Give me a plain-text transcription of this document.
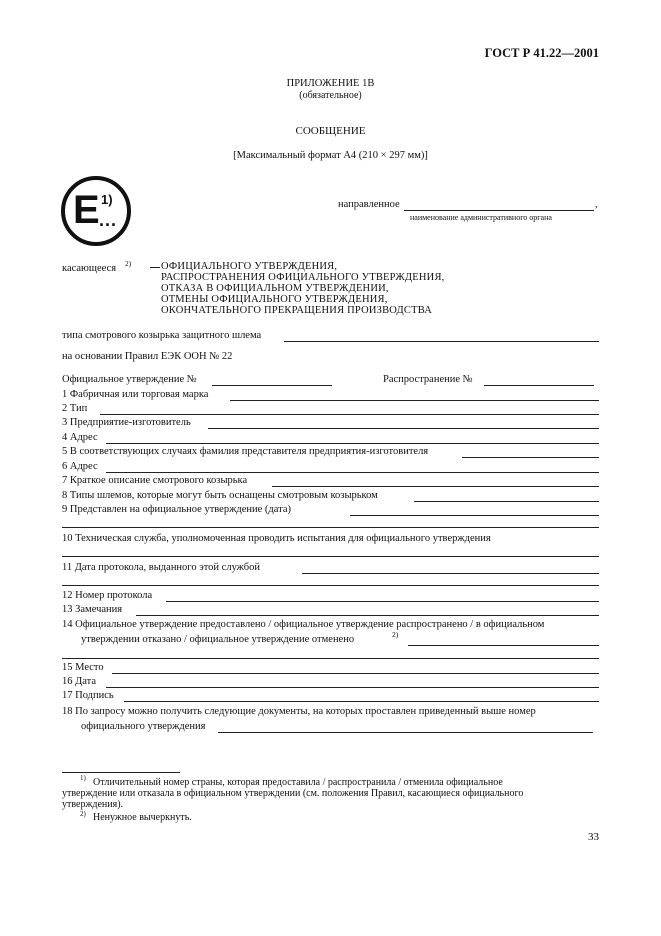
ГОСТ Р 41.22—2001
ПРИЛОЖЕНИЕ 1В
(обязательное)
СООБЩЕНИЕ
[Максимальный формат А4 (210 × 297 мм)]
E 1)
...
направленное	,
наименование административного органа
касающееся 2)	ОФИЦИАЛЬНОГО УТВЕРЖДЕНИЯ,
РАСПРОСТРАНЕНИЯ ОФИЦИАЛЬНОГО УТВЕРЖДЕНИЯ,
ОТКАЗА В ОФИЦИАЛЬНОМ УТВЕРЖДЕНИИ,
ОТМЕНЫ ОФИЦИАЛЬНОГО УТВЕРЖДЕНИЯ,
ОКОНЧАТЕЛЬНОГО ПРЕКРАЩЕНИЯ ПРОИЗВОДСТВА
типа смотрового козырька защитного шлема
на основании Правил ЕЭК ООН № 22
Официальное утверждение №	Распространение №
1 Фабричная или торговая марка
2 Тип
3 Предприятие-изготовитель
4 Адрес
5 В соответствующих случаях фамилия представителя предприятия-изготовителя
6 Адрес
7 Краткое описание смотрового козырька
8 Типы шлемов, которые могут быть оснащены смотровым козырьком
9 Представлен на официальное утверждение (дата)
10 Техническая служба, уполномоченная проводить испытания для официального утверждения
11 Дата протокола, выданного этой службой
12 Номер протокола
13 Замечания
14 Официальное утверждение предоставлено / официальное утверждение распространено / в официальном
утверждении отказано / официальное утверждение отменено	2)
15 Место
16 Дата
17 Подпись
18 По запросу можно получить следующие документы, на которых проставлен приведенный выше номер
официального утверждения
1) Отличительный номер страны, которая предоставила / распространила / отменила официальное
утверждение или отказала в официальном утверждении (см. положения Правил, касающиеся официального
утверждения).
2) Ненужное вычеркнуть.
33
